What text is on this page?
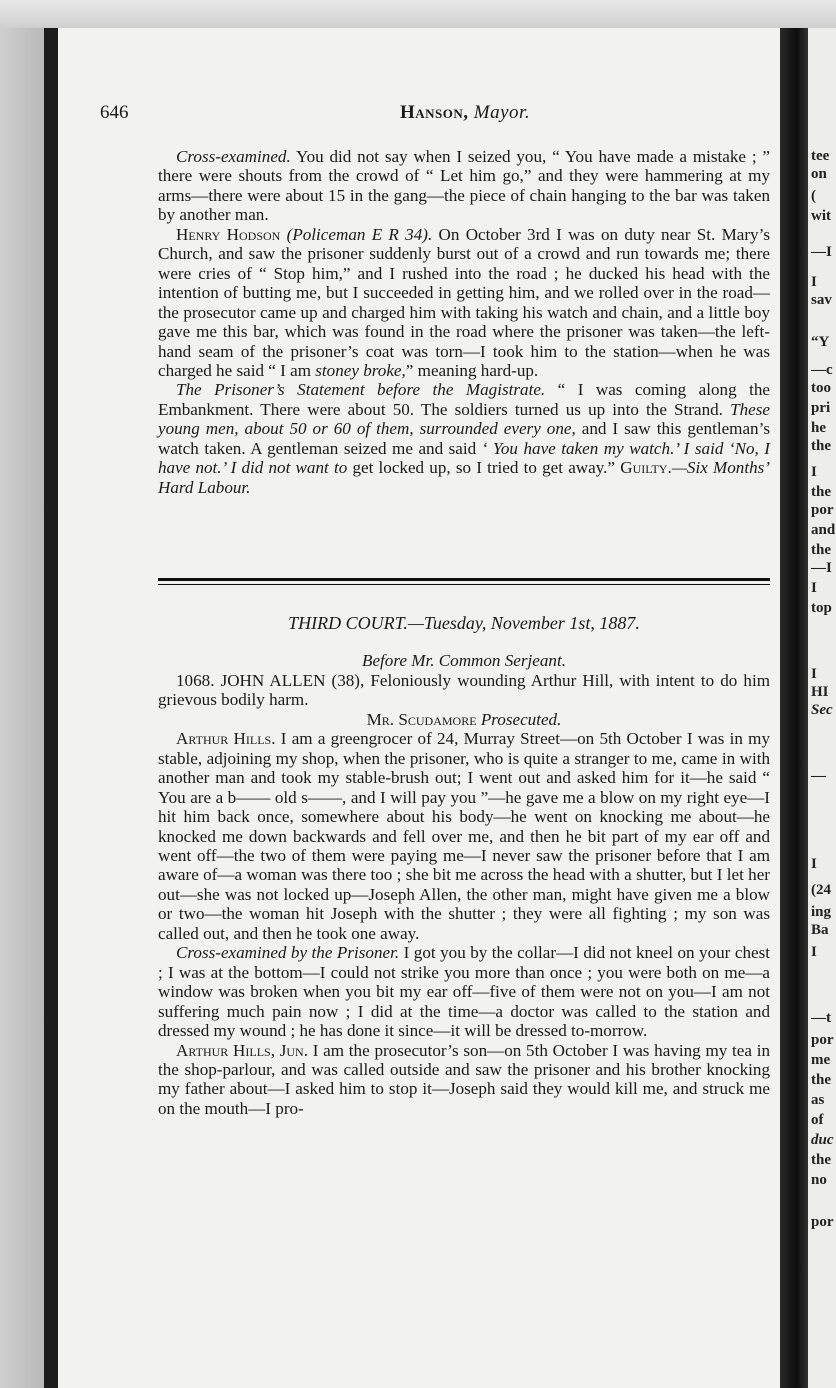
tee
on
(
wit
—I
I
sav
“Y
—c
too
pri
he
the
I
the
por
and
the
—I
I
top
I
HI
Sec
—
I
(24
ing
Ba
I
—t
por
me
the
as
of
duc
the
no
por
646	Hanson, Mayor.

Cross-examined. You did not say when I seized you, “ You have made a mistake ; ” there were shouts from the crowd of “ Let him go,” and they were hammering at my arms—there were about 15 in the gang—the piece of chain hanging to the bar was taken by another man.

Henry Hodson (Policeman E R 34). On October 3rd I was on duty near St. Mary’s Church, and saw the prisoner suddenly burst out of a crowd and run towards me; there were cries of “ Stop him,” and I rushed into the road ; he ducked his head with the intention of butting me, but I succeeded in getting him, and we rolled over in the road—the prosecutor came up and charged him with taking his watch and chain, and a little boy gave me this bar, which was found in the road where the prisoner was taken—the left-hand seam of the prisoner’s coat was torn—I took him to the station—when he was charged he said “ I am stoney broke,” meaning hard-up.

The Prisoner’s Statement before the Magistrate. “ I was coming along the Embankment. There were about 50. The soldiers turned us up into the Strand. These young men, about 50 or 60 of them, surrounded every one, and I saw this gentleman’s watch taken. A gentleman seized me and said ‘ You have taken my watch.’ I said ‘No, I have not.’ I did not want to get locked up, so I tried to get away.” Guilty.—Six Months’ Hard Labour.

THIRD COURT.—Tuesday, November 1st, 1887.

Before Mr. Common Serjeant.

1068. JOHN ALLEN (38), Feloniously wounding Arthur Hill, with intent to do him grievous bodily harm.

Mr. Scudamore Prosecuted.

Arthur Hills. I am a greengrocer of 24, Murray Street—on 5th October I was in my stable, adjoining my shop, when the prisoner, who is quite a stranger to me, came in with another man and took my stable-brush out; I went out and asked him for it—he said “ You are a b—— old s——, and I will pay you ”—he gave me a blow on my right eye—I hit him back once, somewhere about his body—he went on knocking me about—he knocked me down backwards and fell over me, and then he bit part of my ear off and went off—the two of them were paying me—I never saw the prisoner before that I am aware of—a woman was there too ; she bit me across the head with a shutter, but I let her out—she was not locked up—Joseph Allen, the other man, might have given me a blow or two—the woman hit Joseph with the shutter ; they were all fighting ; my son was called out, and then he took one away.

Cross-examined by the Prisoner. I got you by the collar—I did not kneel on your chest ; I was at the bottom—I could not strike you more than once ; you were both on me—a window was broken when you bit my ear off—five of them were not on you—I am not suffering much pain now ; I did at the time—a doctor was called to the station and dressed my wound ; he has done it since—it will be dressed to-morrow.

Arthur Hills, Jun. I am the prosecutor’s son—on 5th October I was having my tea in the shop-parlour, and was called outside and saw the prisoner and his brother knocking my father about—I asked him to stop it—Joseph said they would kill me, and struck me on the mouth—I pro-
